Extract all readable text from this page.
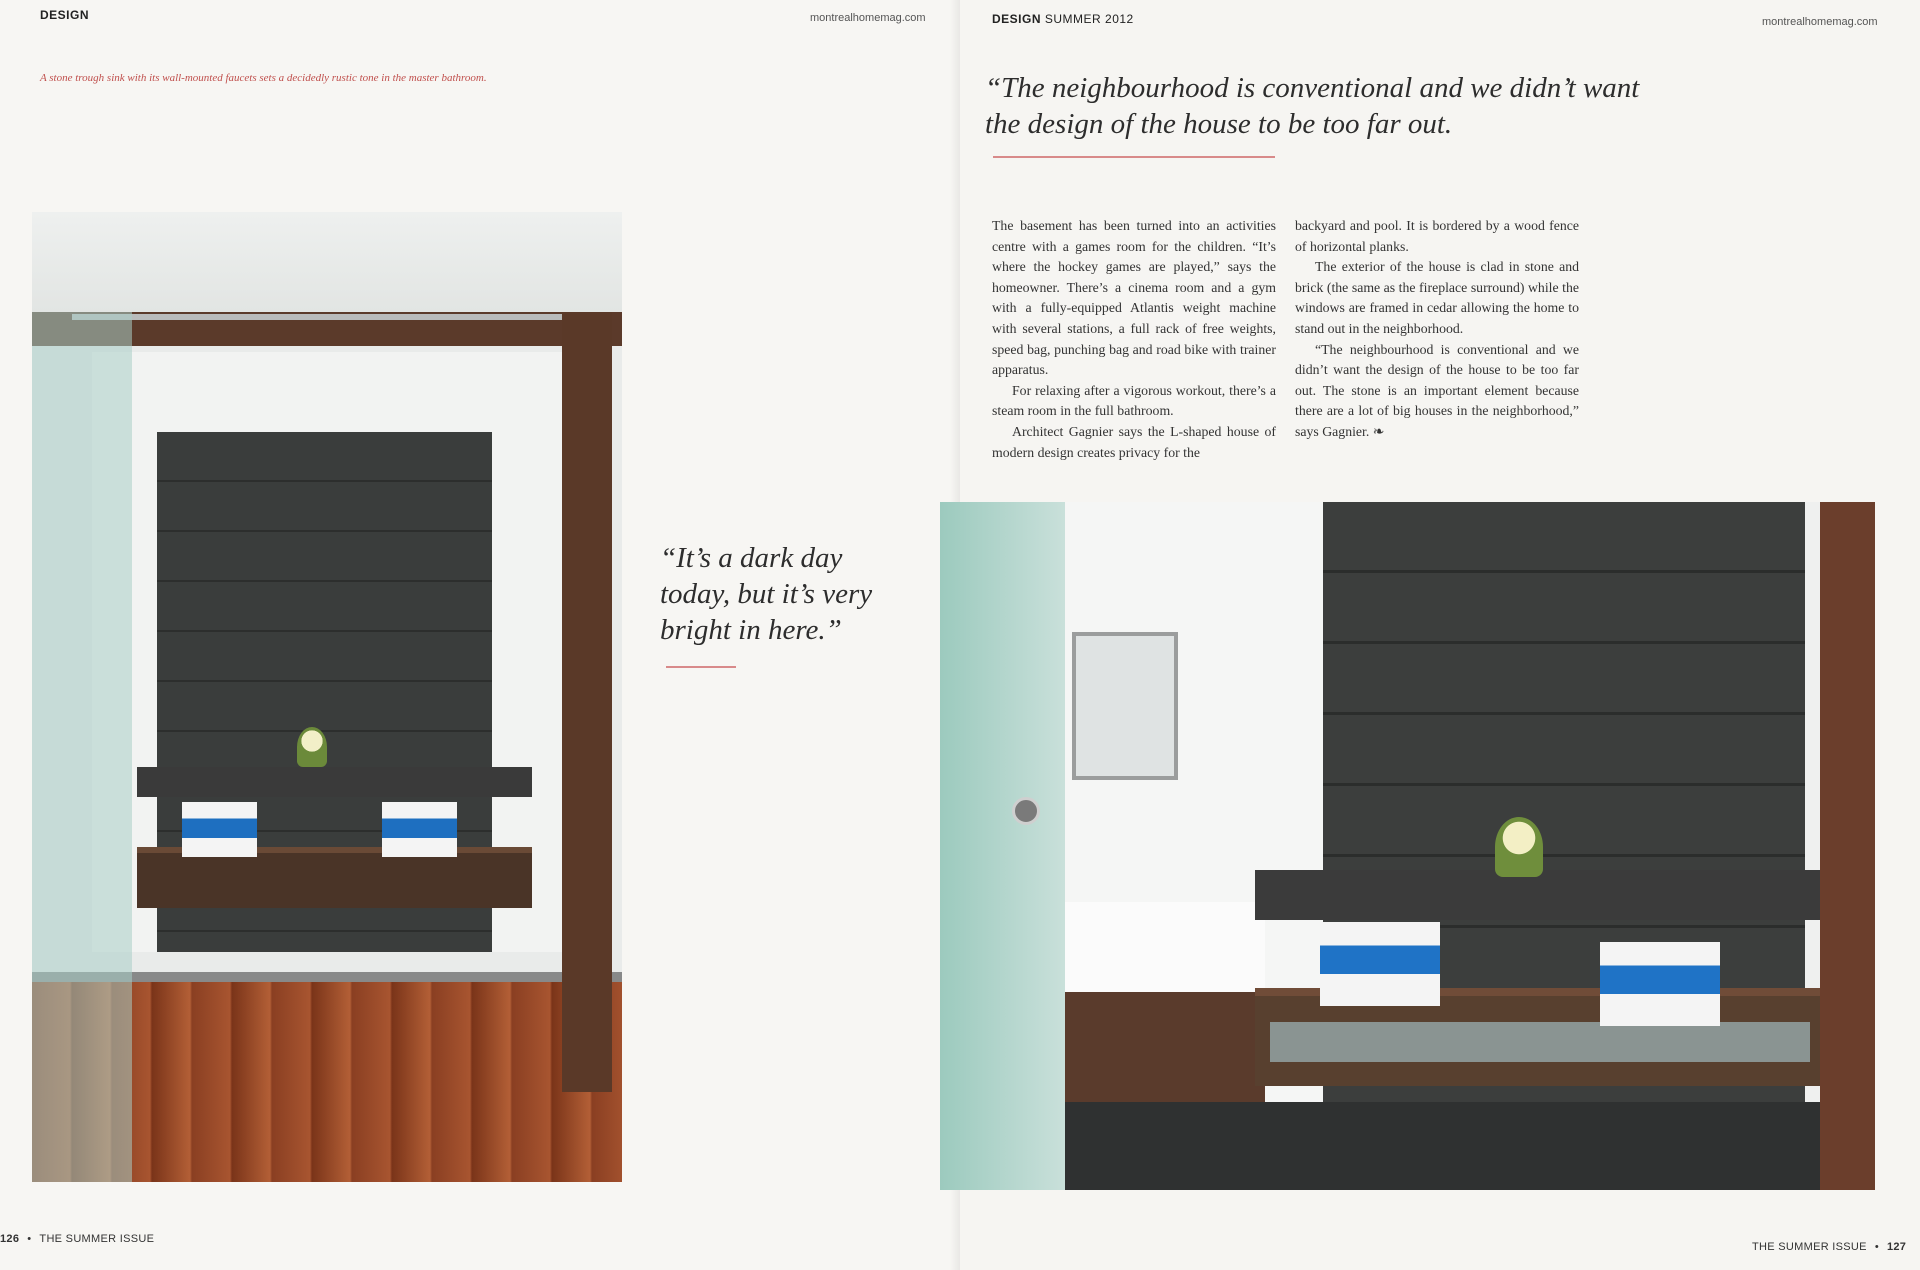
DESIGN	montrealhomemag.com
A stone trough sink with its wall-mounted faucets sets a decidedly rustic tone in the master bathroom.
“It’s a dark day today, but it’s very bright in here.”
126 • THE SUMMER ISSUE
DESIGN SUMMER 2012	montrealhomemag.com
“The neighbourhood is conventional and we didn’t want the design of the house to be too far out.

The basement has been turned into an activities centre with a games room for the children. “It’s where the hockey games are played,” says the homeowner. There’s a cinema room and a gym with a fully-equipped Atlantis weight machine with several stations, a full rack of free weights, speed bag, punching bag and road bike with trainer apparatus.

For relaxing after a vigorous workout, there’s a steam room in the full bathroom.

Architect Gagnier says the L-shaped house of modern design creates privacy for the

backyard and pool. It is bordered by a wood fence of horizontal planks.

The exterior of the house is clad in stone and brick (the same as the fireplace surround) while the windows are framed in cedar allowing the home to stand out in the neighborhood.

“The neighbourhood is conventional and we didn’t want the design of the house to be too far out. The stone is an important element because there are a lot of big houses in the neighborhood,” says Gagnier. ❧

THE SUMMER ISSUE • 127
